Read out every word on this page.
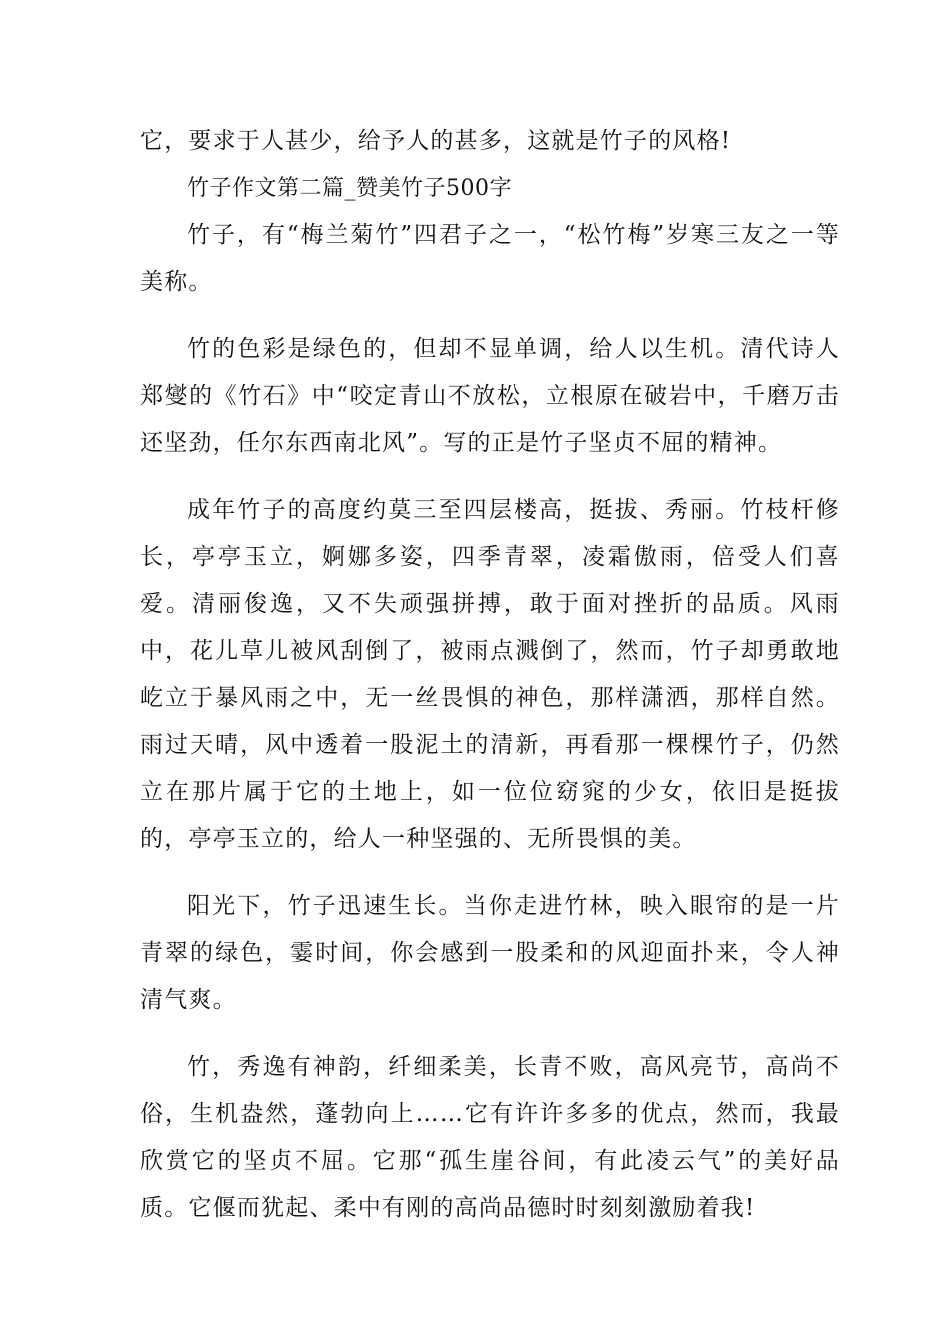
它，要求于人甚少，给予人的甚多，这就是竹子的风格!

竹子作文第二篇_赞美竹子500字

竹子，有“梅兰菊竹”四君子之一，“松竹梅”岁寒三友之一等美称。

竹的色彩是绿色的，但却不显单调，给人以生机。清代诗人郑燮的《竹石》中“咬定青山不放松，立根原在破岩中，千磨万击还坚劲，任尔东西南北风”。写的正是竹子坚贞不屈的精神。

成年竹子的高度约莫三至四层楼高，挺拔、秀丽。竹枝杆修长，亭亭玉立，婀娜多姿，四季青翠，凌霜傲雨，倍受人们喜爱。清丽俊逸，又不失顽强拼搏，敢于面对挫折的品质。风雨中，花儿草儿被风刮倒了，被雨点溅倒了，然而，竹子却勇敢地屹立于暴风雨之中，无一丝畏惧的神色，那样潇洒，那样自然。雨过天晴，风中透着一股泥土的清新，再看那一棵棵竹子，仍然立在那片属于它的土地上，如一位位窈窕的少女，依旧是挺拔的，亭亭玉立的，给人一种坚强的、无所畏惧的美。

阳光下，竹子迅速生长。当你走进竹林，映入眼帘的是一片青翠的绿色，霎时间，你会感到一股柔和的风迎面扑来，令人神清气爽。

竹，秀逸有神韵，纤细柔美，长青不败，高风亮节，高尚不俗，生机盎然，蓬勃向上……它有许许多多的优点，然而，我最欣赏它的坚贞不屈。它那“孤生崖谷间，有此凌云气”的美好品质。它偃而犹起、柔中有刚的高尚品德时时刻刻激励着我!
